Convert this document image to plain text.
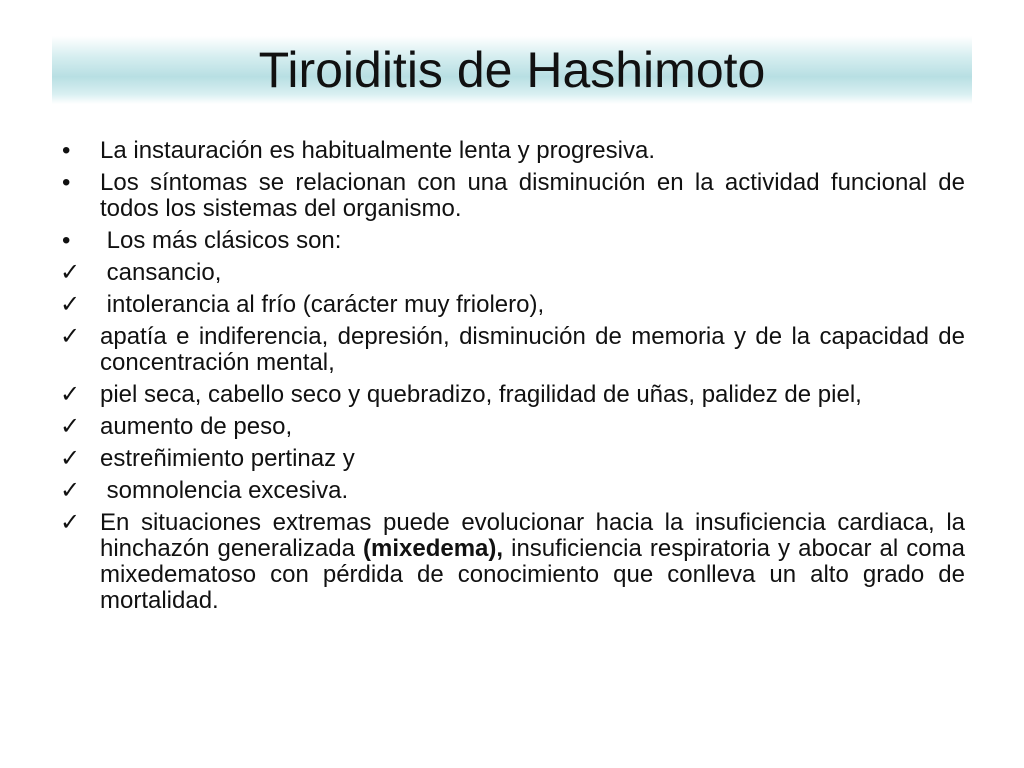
Tiroiditis de Hashimoto
•	La instauración es habitualmente lenta y progresiva.
•	Los síntomas se relacionan con una disminución en la actividad funcional de todos los sistemas del organismo.
•	Los más clásicos son:
✓ cansancio,
✓ intolerancia al frío (carácter muy friolero),
✓ apatía e indiferencia, depresión, disminución de memoria y de la capacidad de concentración mental,
✓ piel seca, cabello seco y quebradizo, fragilidad de uñas, palidez de piel,
✓ aumento de peso,
✓ estreñimiento pertinaz y
✓ somnolencia excesiva.
✓ En situaciones extremas puede evolucionar hacia la insuficiencia cardiaca, la hinchazón generalizada (mixedema), insuficiencia respiratoria y abocar al coma mixedematoso con pérdida de conocimiento que conlleva un alto grado de mortalidad.
